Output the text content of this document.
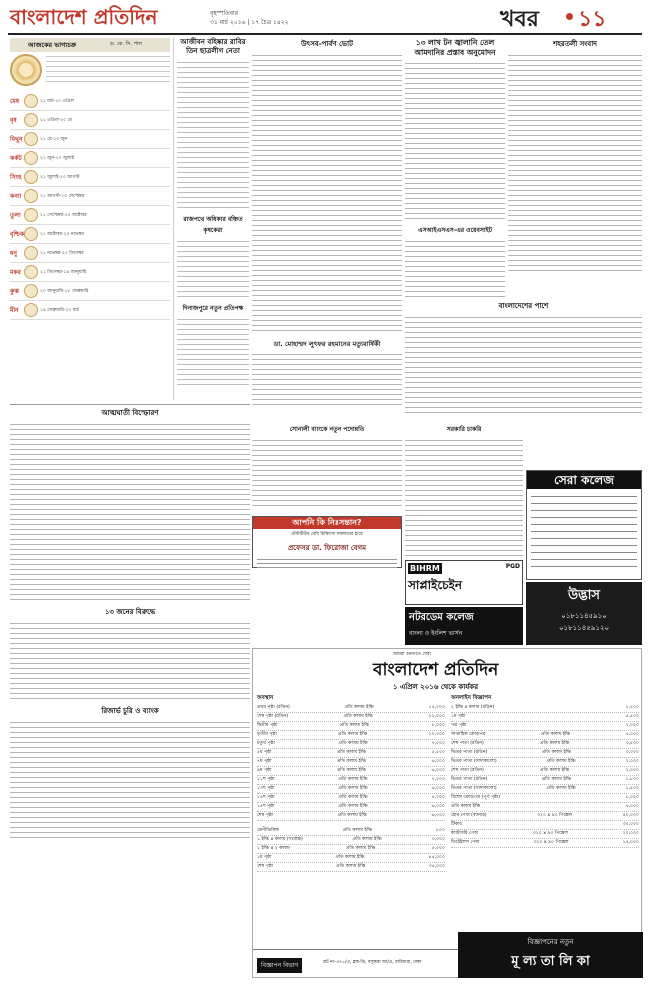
বাংলাদেশ প্রতিদিন	বৃহস্পতিবার
৩১ মার্চ ২০১৬ | ১৭ চৈত্র ১৪২২	খবর ১১
আজকের ভাগ্যচক্র	ড. কে. সি. পাল
মেষ	২১ মার্চ-২০ এপ্রিল
বৃষ	২১ এপ্রিল-২০ মে
মিথুন	২১ মে-২০ জুন
কর্কট	২১ জুন-২০ জুলাই
সিংহ	২১ জুলাই-২০ আগস্ট
কন্যা	২১ আগস্ট-২০ সেপ্টেম্বর
তুলা	২১ সেপ্টেম্বর-২০ অক্টোবর
বৃশ্চিক	২১ অক্টোবর-২০ নভেম্বর
ধনু	২১ নভেম্বর-২০ ডিসেম্বর
মকর	২১ ডিসেম্বর-১৯ জানুয়ারি
কুম্ভ	২০ জানুয়ারি-১৮ ফেব্রুয়ারি
মীন	১৯ ফেব্রুয়ারি-২০ মার্চ
আজীবন বহিষ্কার রাবির তিন ছাত্রলীগ নেতা
রাজপথে অধিকার বঞ্চিত কৃষকেরা
দিনাজপুরে নতুন প্রতিপক্ষ
উৎসব-পার্বণ ভোট	১৩ লাখ টন জ্বালানি তেল আমদানির প্রস্তাব অনুমোদন
এসআইএসএস-এর ওয়েবসাইট
শহরতলী সংবাদ
বাংলাদেশের পাশে
ডা. মোহাম্মদ লুৎফর রহমানের মত্যুবার্ষিকী
আত্মঘাতী বিস্ফোরণ
১৩ জনের বিরুদ্ধে
রিজার্ভ চুরি ও ব্যাংক
সোনালী ব্যাংকে নতুন পদোন্নতি	সরকারি চাকরি
আপনি কি নিঃসন্তান?
টেস্টটিউব বেবি চিকিৎসা সফলতার হারে
প্রফেসর ডা. ফিরোজা বেগম
BIHRM
সাপ্লাইচেইন
PGD
নটরডেম কলেজ
বাংলা ও ইংলিশ ভার্সন
সেরা কলেজ
উদ্ভাস
০১৮১১৪৫৯১০
০১৮১১৪৫৯১২০
আমরা গুনগতে সেরা
বাংলাদেশ প্রতিদিন
১ এপ্রিল ২০১৬ থেকে কার্যকর
অবস্থান
প্রথম পৃষ্ঠা (রঙিন)	প্রতি কলাম ইঞ্চি	১৫,০০০
শেষ পৃষ্ঠা (রঙিন)	প্রতি কলাম ইঞ্চি	১২,০০০
দ্বিতীয় পৃষ্ঠা	প্রতি কলাম ইঞ্চি	৮,০০০
তৃতীয় পৃষ্ঠা	প্রতি কলাম ইঞ্চি	১০,০০০
চতুর্থ পৃষ্ঠা	প্রতি কলাম ইঞ্চি	৭,০০০
৫ম পৃষ্ঠা	প্রতি কলাম ইঞ্চি	৫,৫০০
৭ম পৃষ্ঠা	প্রতি কলাম ইঞ্চি	৬,০০০
৯ম পৃষ্ঠা	প্রতি কলাম ইঞ্চি	৬,০০০
১১শ পৃষ্ঠা	প্রতি কলাম ইঞ্চি	৭,০০০
১৩শ পৃষ্ঠা	প্রতি কলাম ইঞ্চি	৬,০০০
১৪শ পৃষ্ঠা	প্রতি কলাম ইঞ্চি	৫,০০০
১৫শ পৃষ্ঠা	প্রতি কলাম ইঞ্চি	৬,০০০
শেষ পৃষ্ঠা	প্রতি কলাম ইঞ্চি	৬,০০০
শ্রেণীভিত্তিক	প্রতি কলাম ইঞ্চি	৮০০
১ ইঞ্চি x কলাম (সর্বোচ্চ)	প্রতি কলাম ইঞ্চি	৩,০০০
১ ইঞ্চি x ২ কলাম	প্রতি কলাম ইঞ্চি	৫,০০০
১ম পৃষ্ঠা	প্রতি কলাম ইঞ্চি	৪৫,০০০
শেষ পৃষ্ঠা	প্রতি কলাম ইঞ্চি	৩৫,০০০
অনলাইন বিজ্ঞাপন
২ ইঞ্চি x কলাম (রঙিন)	২,২০০
১ম পৃষ্ঠা	৫,৫০০
পত্র পৃষ্ঠা	২,০০০
সাপ্তাহিক ক্রোড়পত্র	প্রতি কলাম ইঞ্চি	৫,০০০
শেষ পাতা (রঙিন)	প্রতি কলাম ইঞ্চি	৩,৫০০
ভিতর পাতা (রঙিন)	প্রতি কলাম ইঞ্চি	৩,০০০
ভিতর পাতা (সাদাকালো)	প্রতি কলাম ইঞ্চি	২,০০০
শেষ পাতা (রঙিন)	প্রতি কলাম ইঞ্চি	২,০০০
ভিতর পাতা (রঙিন)	প্রতি কলাম ইঞ্চি	১,৮০০
ভিতর পাতা (সাদাকালো)	প্রতি কলাম ইঞ্চি	১,৫০০
বিশেষ ক্রোড়পত্র (পূর্ণ পৃষ্ঠা)	৮,০০০
প্রতি কলাম ইঞ্চি	৬,০০০
হোম পেজ (ব্যানার)	৩২০ x ৯০ পিক্সেল	৪০,০০০
টিকার	৩০,০০০
ক্যাটাগরি পেজ	৩২০ x ৯০ পিক্সেল	২০,০০০
ডিটেইলস পেজ	৩২০ x ৯০ পিক্সেল	১৫,০০০
বিজ্ঞাপন বিভাগ	প্লট নং-৩৭১/এ, ব্লক-ডি, বসুন্ধরা আ/এ, বারিধারা, ঢাকা
বিজ্ঞাপনের নতুন
মূ ল্য তা লি কা
